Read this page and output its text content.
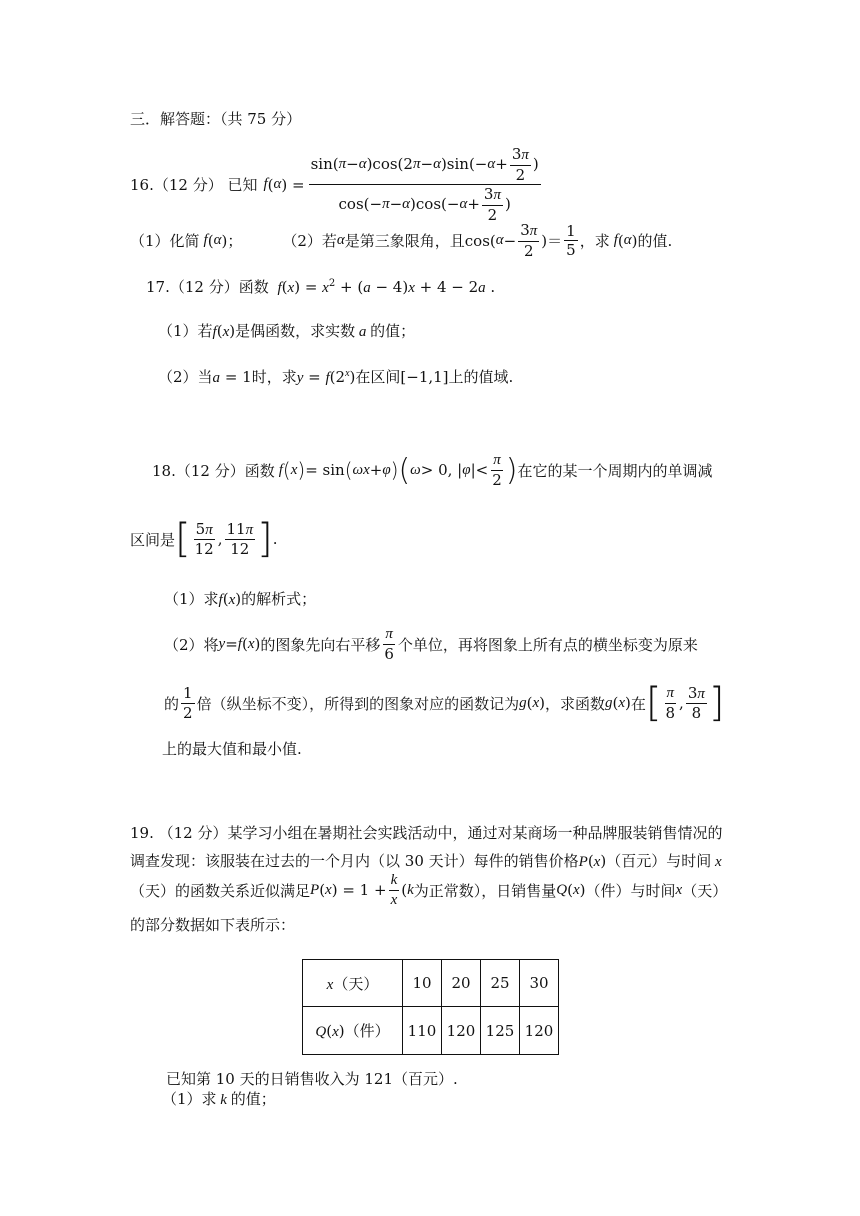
三．解答题：（共 75 分）
16.（12 分） 已知 f ( α ) = $\frac{\sin( \pi - \alpha )\cos(2 \pi - \alpha )\sin(- \alpha + \frac{3\pi}{2} )}{\cos(- \pi - \alpha )\cos(- \alpha + \frac{3\pi}{2} )}$
（1）化简 f ( α ) ；	（2）若 α 是第三象限角，且 cos( $\alpha - \frac{3\pi}{2}$ ) ＝ $\frac{1}{5}$ ，求 f ( α ) 的值.
17.（12 分）函数 $f(x) = x^2 + (a - 4)x + 4 - 2a$ .
（1）若f(x)是偶函数，求实数 a 的值；
（2）当a = 1时，求$y = f(2^x)$在区间[−1,1]上的值域.
18.（12 分）函数 f ( x ) = sin ( ωx + φ ) ( ω > 0, | φ |< $\frac{\pi}{2}$ ) 在它的某一个周期内的单调减
区间是 [ $\frac{5\pi}{12}$ , $\frac{11\pi}{12}$ ] .
（1）求f(x)的解析式；
（2）将 y = f ( x ) 的图象先向右平移 $\frac{\pi}{6}$ 个单位，再将图象上所有点的横坐标变为原来
的 $\frac{1}{2}$ 倍（纵坐标不变），所得到的图象对应的函数记为 g ( x ) ，求函数 g ( x ) 在 [ $\frac{\pi}{8}$ , $\frac{3\pi}{8}$ ]
上的最大值和最小值.
19. （12 分）某学习小组在暑期社会实践活动中，通过对某商场一种品牌服装销售情况的
调查发现：该服装在过去的一个月内（以 30 天计）每件的销售价格P(x)（百元）与时间 x
（天）的函数关系近似满足 P ( x ) = $1 + \frac{k}{x}$ ( k 为正常数），日销售量 Q ( x ) （件）与时间 x （天）
的部分数据如下表所示：
x（天）	10	20	25	30
Q(x)（件）	110	120	125	120
已知第 10 天的日销售收入为 121（百元）.
（1）求 k 的值；
